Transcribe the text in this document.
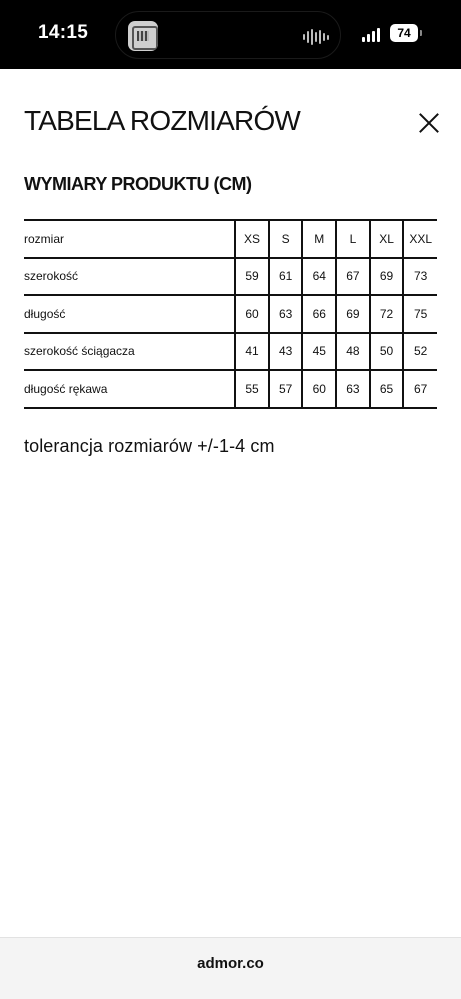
14:15	74
TABELA ROZMIARÓW
WYMIARY PRODUKTU (CM)
rozmiar	XS	S	M	L	XL	XXL
szerokość	59	61	64	67	69	73
długość	60	63	66	69	72	75
szerokość ściągacza	41	43	45	48	50	52
długość rękawa	55	57	60	63	65	67

tolerancja rozmiarów +/-1-4 cm

admor.co
